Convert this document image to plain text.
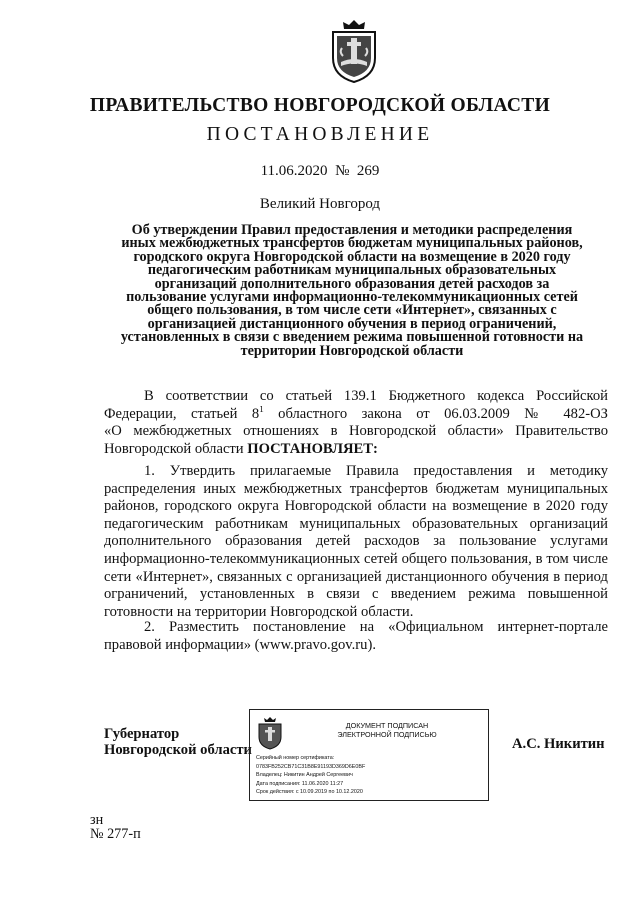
ПРАВИТЕЛЬСТВО НОВГОРОДСКОЙ ОБЛАСТИ
ПОСТАНОВЛЕНИЕ
11.06.2020 № 269
Великий Новгород
Об утверждении Правил предоставления и методики распределения
иных межбюджетных трансфертов бюджетам муниципальных районов,
городского округа Новгородской области на возмещение в 2020 году
педагогическим работникам муниципальных образовательных
организаций дополнительного образования детей расходов за
пользование услугами информационно-телекоммуникационных сетей
общего пользования, в том числе сети «Интернет», связанных с
организацией дистанционного обучения в период ограничений,
установленных в связи с введением режима повышенной готовности на
территории Новгородской области
В соответствии со статьей 139.1 Бюджетного кодекса Российской
Федерации, статьей $8^1$ областного закона от 06.03.2009 № 482-ОЗ
«О межбюджетных отношениях в Новгородской области» Правительство
Новгородской области ПОСТАНОВЛЯЕТ:
1. Утвердить прилагаемые Правила предоставления и методику
распределения иных межбюджетных трансфертов бюджетам муниципальных
районов, городского округа Новгородской области на возмещение в 2020 году
педагогическим работникам муниципальных образовательных организаций
дополнительного образования детей расходов за пользование услугами
информационно-телекоммуникационных сетей общего пользования, в том числе
сети «Интернет», связанных с организацией дистанционного обучения в период
ограничений, установленных в связи с введением режима повышенной
готовности на территории Новгородской области.
2. Разместить постановление на «Официальном интернет-портале
правовой информации» (www.pravo.gov.ru).
Губернатор
Новгородской области
ДОКУМЕНТ ПОДПИСАН
ЭЛЕКТРОННОЙ ПОДПИСЬЮ
Серийный номер сертификата:
0783FB252CB71C31B8E91193D369D6E0BF
Владелец: Никитин Андрей Сергеевич
Дата подписания: 11.06.2020 11:27
Срок действия: с 10.09.2019 по 10.12.2020
А.С. Никитин
зн
№ 277-п
